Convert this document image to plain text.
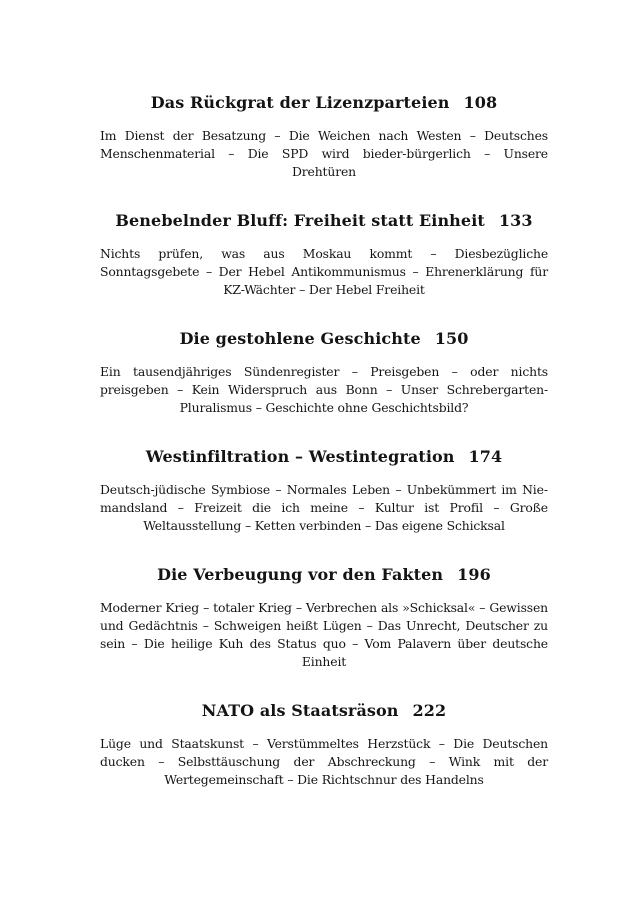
Das Rückgrat der Lizenzparteien 108

Im Dienst der Besatzung – Die Weichen nach Westen – Deutsches Menschenmaterial – Die SPD wird bieder-bürgerlich – Unsere Drehtüren

Benebelnder Bluff: Freiheit statt Einheit 133

Nichts prüfen, was aus Moskau kommt – Diesbezügliche Sonntagsgebete – Der Hebel Antikommunismus – Ehrenerklärung für KZ-Wächter – Der Hebel Freiheit

Die gestohlene Geschichte 150

Ein tausendjähriges Sündenregister – Preisgeben – oder nichts preisgeben – Kein Widerspruch aus Bonn – Unser Schrebergarten-Pluralismus – Geschichte ohne Geschichtsbild?

Westinfiltration – Westintegration 174

Deutsch-jüdische Symbiose – Normales Leben – Unbekümmert im Niemandsland – Freizeit die ich meine – Kultur ist Profil – Große Weltausstellung – Ketten verbinden – Das eigene Schicksal

Die Verbeugung vor den Fakten 196

Moderner Krieg – totaler Krieg – Verbrechen als »Schicksal« – Gewissen und Gedächtnis – Schweigen heißt Lügen – Das Unrecht, Deutscher zu sein – Die heilige Kuh des Status quo – Vom Palavern über deutsche Einheit

NATO als Staatsräson 222

Lüge und Staatskunst – Verstümmeltes Herzstück – Die Deutschen ducken – Selbsttäuschung der Abschreckung – Wink mit der Wertegemeinschaft – Die Richtschnur des Handelns
